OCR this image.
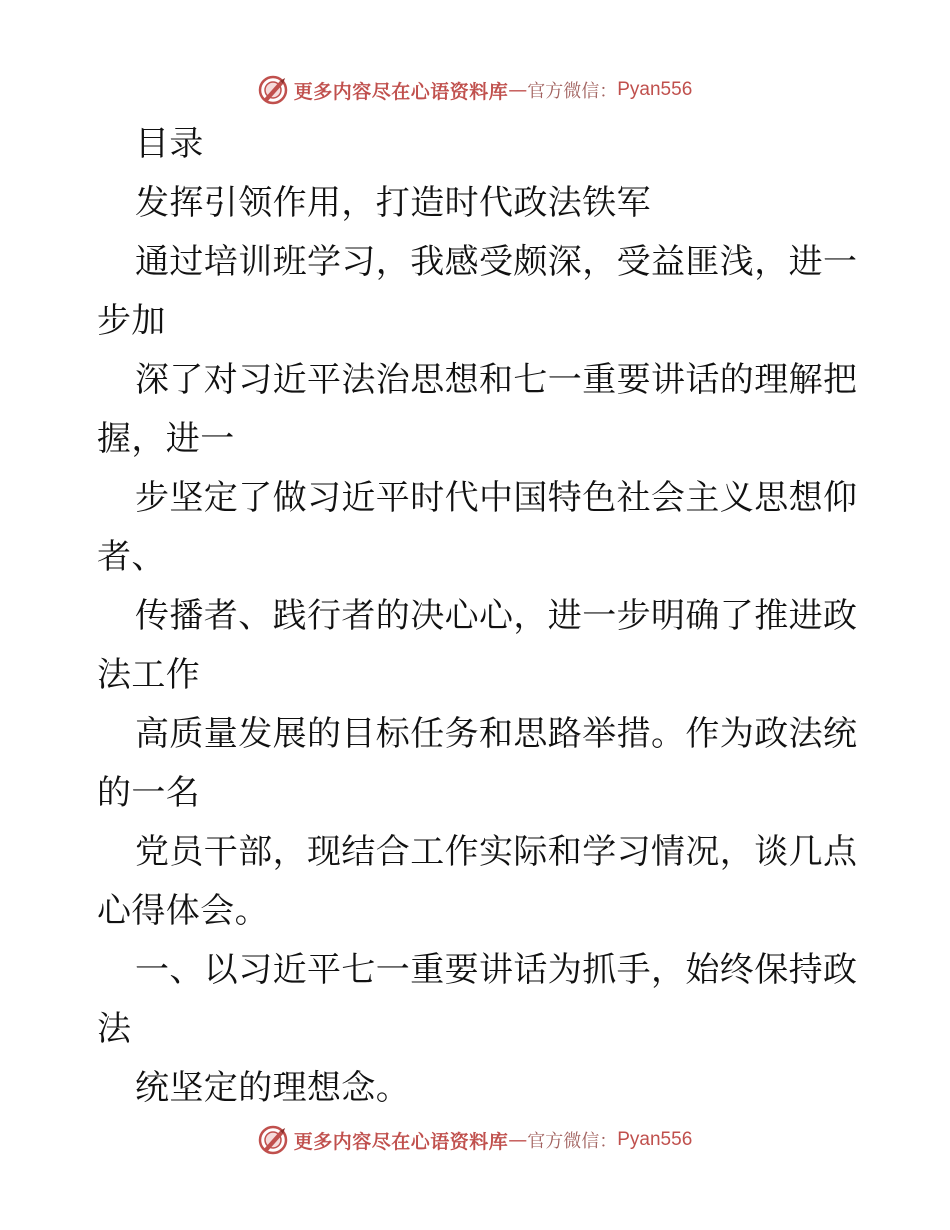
更多内容尽在心语资料库 — 官方微信： Pyan556
目录
发挥引领作用，打造时代政法铁军
通过培训班学习，我感受颇深，受益匪浅，进一
步加
深了对习近平法治思想和七一重要讲话的理解把
握，进一
步坚定了做习近平时代中国特色社会主义思想仰
者、
传播者、践行者的决心心，进一步明确了推进政
法工作
高质量发展的目标任务和思路举措。作为政法统
的一名
党员干部，现结合工作实际和学习情况，谈几点
心得体会。
一、以习近平七一重要讲话为抓手，始终保持政
法
统坚定的理想念。
更多内容尽在心语资料库 — 官方微信： Pyan556
